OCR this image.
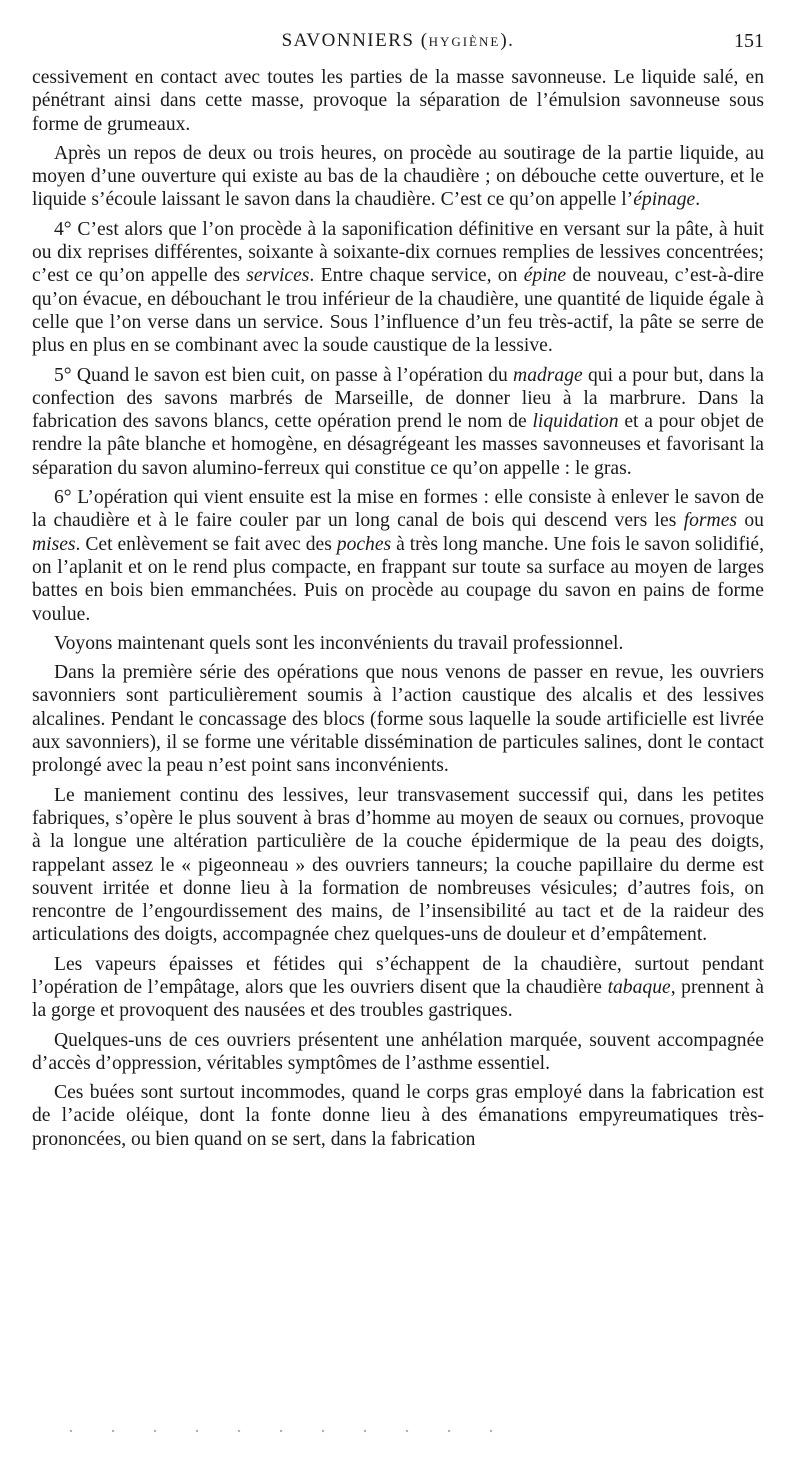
SAVONNIERS (HYGIÈNE).	151

cessivement en contact avec toutes les parties de la masse savonneuse. Le liquide salé, en pénétrant ainsi dans cette masse, provoque la séparation de l’émulsion savonneuse sous forme de grumeaux.

Après un repos de deux ou trois heures, on procède au soutirage de la partie liquide, au moyen d’une ouverture qui existe au bas de la chaudière ; on débouche cette ouverture, et le liquide s’écoule laissant le savon dans la chaudière. C’est ce qu’on appelle l’épinage.

4° C’est alors que l’on procède à la saponification définitive en versant sur la pâte, à huit ou dix reprises différentes, soixante à soixante-dix cornues remplies de lessives concentrées; c’est ce qu’on appelle des services. Entre chaque service, on épine de nouveau, c’est-à-dire qu’on évacue, en débouchant le trou inférieur de la chaudière, une quantité de liquide égale à celle que l’on verse dans un service. Sous l’influence d’un feu très-actif, la pâte se serre de plus en plus en se combinant avec la soude caustique de la lessive.

5° Quand le savon est bien cuit, on passe à l’opération du madrage qui a pour but, dans la confection des savons marbrés de Marseille, de donner lieu à la marbrure. Dans la fabrication des savons blancs, cette opération prend le nom de liquidation et a pour objet de rendre la pâte blanche et homogène, en désagrégeant les masses savonneuses et favorisant la séparation du savon alumino-ferreux qui constitue ce qu’on appelle : le gras.

6° L’opération qui vient ensuite est la mise en formes : elle consiste à enlever le savon de la chaudière et à le faire couler par un long canal de bois qui descend vers les formes ou mises. Cet enlèvement se fait avec des poches à très long manche. Une fois le savon solidifié, on l’aplanit et on le rend plus compacte, en frappant sur toute sa surface au moyen de larges battes en bois bien emmanchées. Puis on procède au coupage du savon en pains de forme voulue.

Voyons maintenant quels sont les inconvénients du travail professionnel.

Dans la première série des opérations que nous venons de passer en revue, les ouvriers savonniers sont particulièrement soumis à l’action caustique des alcalis et des lessives alcalines. Pendant le concassage des blocs (forme sous laquelle la soude artificielle est livrée aux savonniers), il se forme une véritable dissémination de particules salines, dont le contact prolongé avec la peau n’est point sans inconvénients.

Le maniement continu des lessives, leur transvasement successif qui, dans les petites fabriques, s’opère le plus souvent à bras d’homme au moyen de seaux ou cornues, provoque à la longue une altération particulière de la couche épidermique de la peau des doigts, rappelant assez le « pigeonneau » des ouvriers tanneurs; la couche papillaire du derme est souvent irritée et donne lieu à la formation de nombreuses vésicules; d’autres fois, on rencontre de l’engourdissement des mains, de l’insensibilité au tact et de la raideur des articulations des doigts, accompagnée chez quelques-uns de douleur et d’empâtement.

Les vapeurs épaisses et fétides qui s’échappent de la chaudière, surtout pendant l’opération de l’empâtage, alors que les ouvriers disent que la chaudière tabaque, prennent à la gorge et provoquent des nausées et des troubles gastriques.

Quelques-uns de ces ouvriers présentent une anhélation marquée, souvent accompagnée d’accès d’oppression, véritables symptômes de l’asthme essentiel.

Ces buées sont surtout incommodes, quand le corps gras employé dans la fabrication est de l’acide oléique, dont la fonte donne lieu à des émanations empyreumatiques très-prononcées, ou bien quand on se sert, dans la fabrication
